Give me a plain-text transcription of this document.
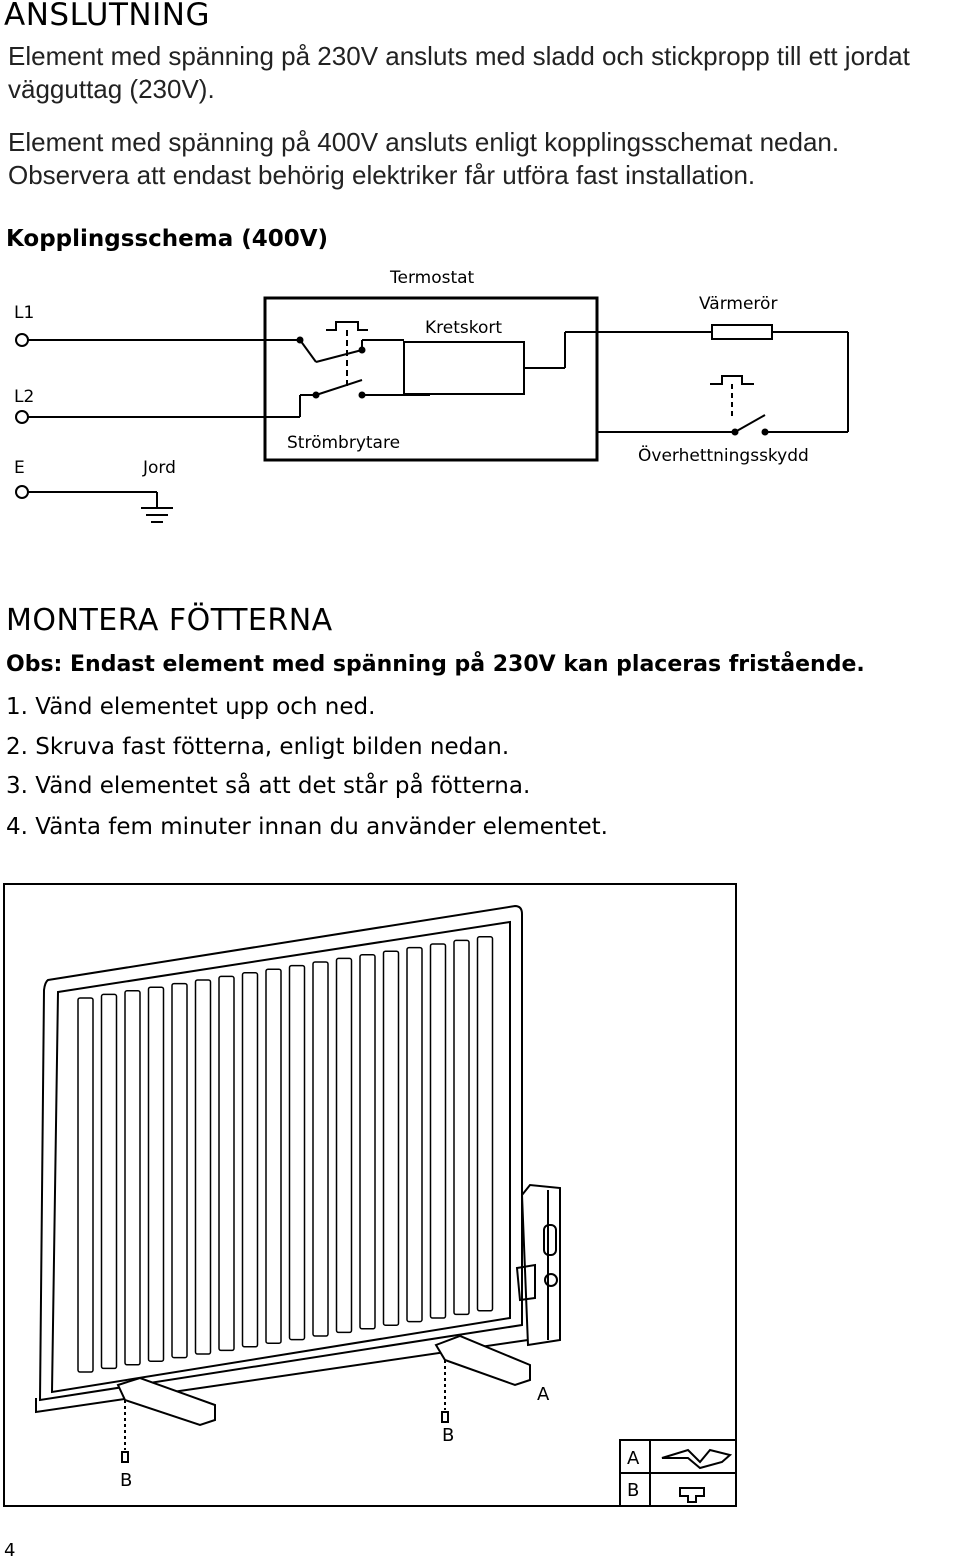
ANSLUTNING
Element med spänning på 230V ansluts med sladd och stickpropp till ett jordat
vägguttag (230V).
Element med spänning på 400V ansluts enligt kopplingsschemat nedan.
Observera att endast behörig elektriker får utföra fast installation.
Kopplingsschema (400V)
L1
L2
E	Jord
Termostat
Kretskort
Värmerör
Strömbrytare
Överhettningsskydd
MONTERA FÖTTERNA
Obs: Endast element med spänning på 230V kan placeras fristående.
1. Vänd elementet upp och ned.
2. Skruva fast fötterna, enligt bilden nedan.
3. Vänd elementet så att det står på fötterna.
4. Vänta fem minuter innan du använder elementet.
A
B
B
A
B
4
